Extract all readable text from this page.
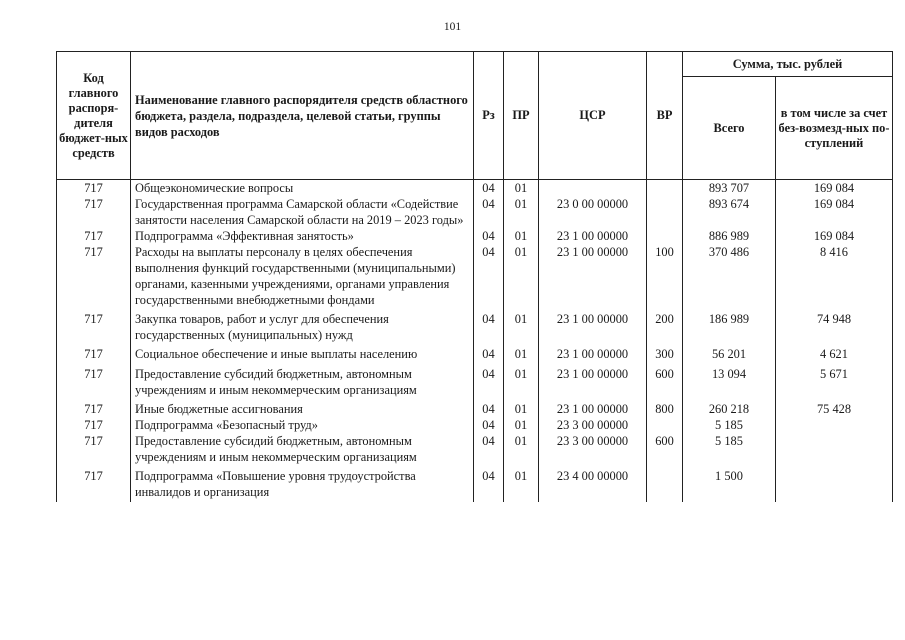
101
Код главного распоря-дителя бюджет-ных средств	Наименование главного распорядителя средств областного бюджета, раздела, подраздела, целевой статьи, группы видов расходов	Рз	ПР	ЦСР	ВР	Сумма, тыс. рублей	
						Всего	в том числе за счет без-возмезд-ных по-ступлений
717	Общеэкономические вопросы	04	01			893 707	169 084
717	Государственная программа Самарской области «Содействие занятости населения Самарской области на 2019 – 2023 годы»	04	01	23 0 00 00000		893 674	169 084
717	Подпрограмма «Эффективная занятость»	04	01	23 1 00 00000		886 989	169 084
717	Расходы на выплаты персоналу в целях обеспечения выполнения функций государственными (муниципальными) органами, казенными учреждениями, органами управления государственными внебюджетными фондами	04	01	23 1 00 00000	100	370 486	8 416
717	Закупка товаров, работ и услуг для обеспечения государственных (муниципальных) нужд	04	01	23 1 00 00000	200	186 989	74 948
717	Социальное обеспечение и иные выплаты населению	04	01	23 1 00 00000	300	56 201	4 621
717	Предоставление субсидий бюджетным, автономным учреждениям и иным некоммерческим организациям	04	01	23 1 00 00000	600	13 094	5 671
717	Иные бюджетные ассигнования	04	01	23 1 00 00000	800	260 218	75 428
717	Подпрограмма «Безопасный труд»	04	01	23 3 00 00000		5 185	
717	Предоставление субсидий бюджетным, автономным учреждениям и иным некоммерческим организациям	04	01	23 3 00 00000	600	5 185	
717	Подпрограмма «Повышение уровня трудоустройства инвалидов и организация	04	01	23 4 00 00000		1 500	
